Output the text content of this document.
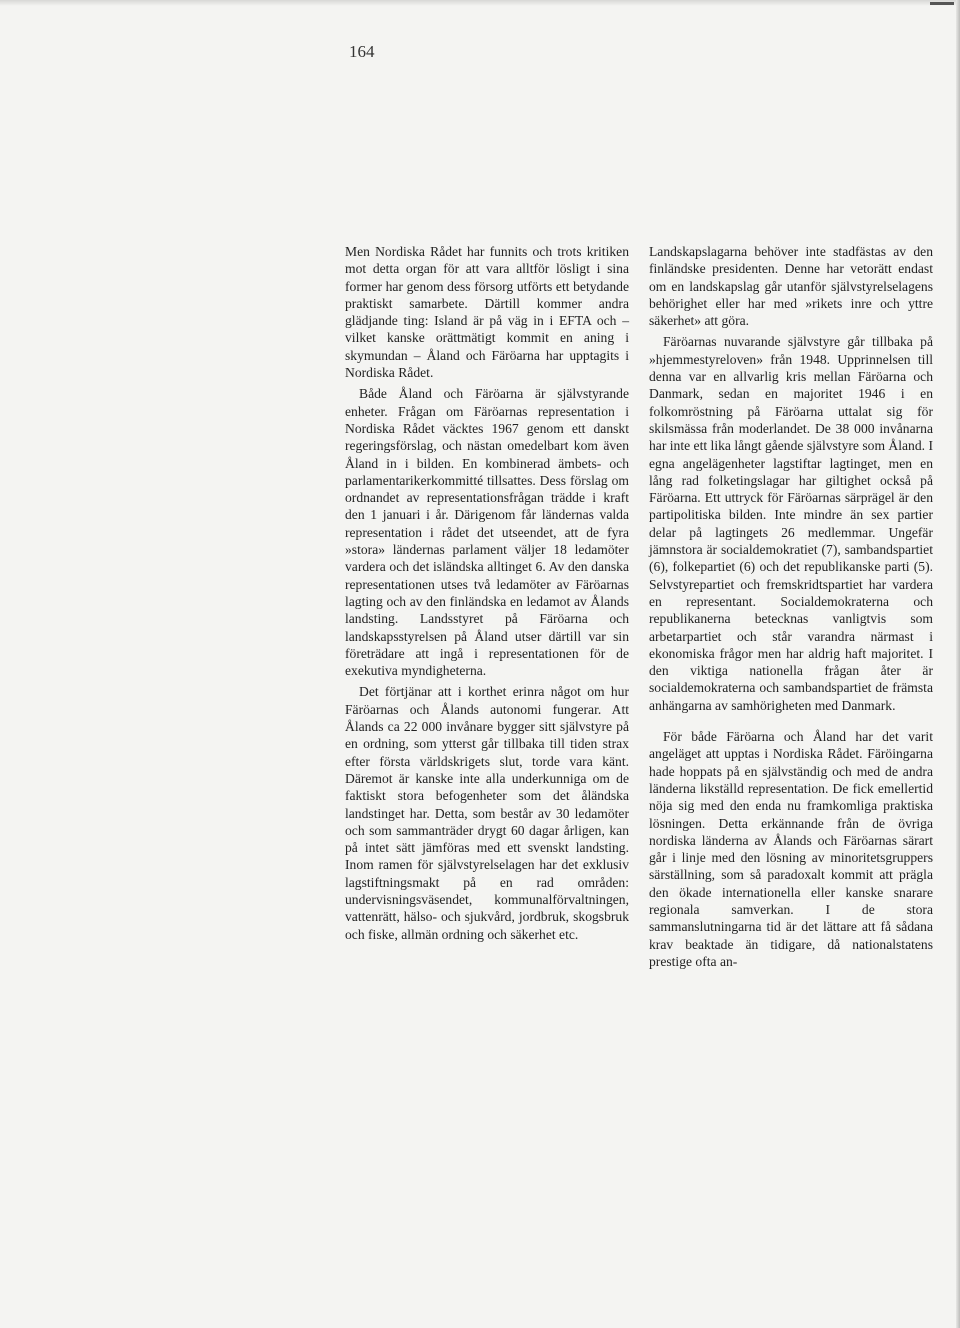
164

Men Nordiska Rådet har funnits och trots kritiken mot detta organ för att vara alltför lösligt i sina former har genom dess försorg utförts ett betydande praktiskt samarbete. Därtill kommer andra glädjande ting: Island är på väg in i EFTA och – vilket kanske orättmätigt kommit en aning i skymundan – Åland och Färöarna har upptagits i Nordiska Rådet.

Både Åland och Färöarna är självstyrande enheter. Frågan om Färöarnas representation i Nordiska Rådet väcktes 1967 genom ett danskt regeringsförslag, och nästan omedelbart kom även Åland in i bilden. En kombinerad ämbets- och parlamentarikerkommitté tillsattes. Dess förslag om ordnandet av representationsfrågan trädde i kraft den 1 januari i år. Därigenom får ländernas valda representation i rådet det utseendet, att de fyra »stora» ländernas parlament väljer 18 ledamöter vardera och det isländska alltinget 6. Av den danska representationen utses två ledamöter av Färöarnas lagting och av den finländska en ledamot av Ålands landsting. Landsstyret på Färöarna och landskapsstyrelsen på Åland utser därtill var sin företrädare att ingå i representationen för de exekutiva myndigheterna.

Det förtjänar att i korthet erinra något om hur Färöarnas och Ålands autonomi fungerar. Att Ålands ca 22 000 invånare bygger sitt självstyre på en ordning, som ytterst går tillbaka till tiden strax efter första världskrigets slut, torde vara känt. Däremot är kanske inte alla underkunniga om de faktiskt stora befogenheter som det åländska landstinget har. Detta, som består av 30 ledamöter och som sammanträder drygt 60 dagar årligen, kan på intet sätt jämföras med ett svenskt landsting. Inom ramen för självstyrelselagen har det exklusiv lagstiftningsmakt på en rad områden: undervisningsväsendet, kommunalförvaltningen, vattenrätt, hälso- och sjukvård, jordbruk, skogsbruk och fiske, allmän ordning och säkerhet etc.

Landskapslagarna behöver inte stadfästas av den finländske presidenten. Denne har vetorätt endast om en landskapslag går utanför självstyrelselagens behörighet eller har med »rikets inre och yttre säkerhet» att göra.

Färöarnas nuvarande självstyre går tillbaka på »hjemmestyreloven» från 1948. Upprinnelsen till denna var en allvarlig kris mellan Färöarna och Danmark, sedan en majoritet 1946 i en folkomröstning på Färöarna uttalat sig för skilsmässa från moderlandet. De 38 000 invånarna har inte ett lika långt gående självstyre som Åland. I egna angelägenheter lagstiftar lagtinget, men en lång rad folketingslagar har giltighet också på Färöarna. Ett uttryck för Färöarnas särprägel är den partipolitiska bilden. Inte mindre än sex partier delar på lagtingets 26 medlemmar. Ungefär jämnstora är socialdemokratiet (7), sambandspartiet (6), folkepartiet (6) och det republikanske parti (5). Selvstyrepartiet och fremskridtspartiet har vardera en representant. Socialdemokraterna och republikanerna betecknas vanligtvis som arbetarpartiet och står varandra närmast i ekonomiska frågor men har aldrig haft majoritet. I den viktiga nationella frågan åter är socialdemokraterna och sambandspartiet de främsta anhängarna av samhörigheten med Danmark.

För både Färöarna och Åland har det varit angeläget att upptas i Nordiska Rådet. Färöingarna hade hoppats på en självständig och med de andra länderna likställd representation. De fick emellertid nöja sig med den enda nu framkomliga praktiska lösningen. Detta erkännande från de övriga nordiska länderna av Ålands och Färöarnas särart går i linje med den lösning av minoritetsgruppers särställning, som så paradoxalt kommit att prägla den ökade internationella eller kanske snarare regionala samverkan. I de stora sammanslutningarna tid är det lättare att få sådana krav beaktade än tidigare, då nationalstatens prestige ofta an-
